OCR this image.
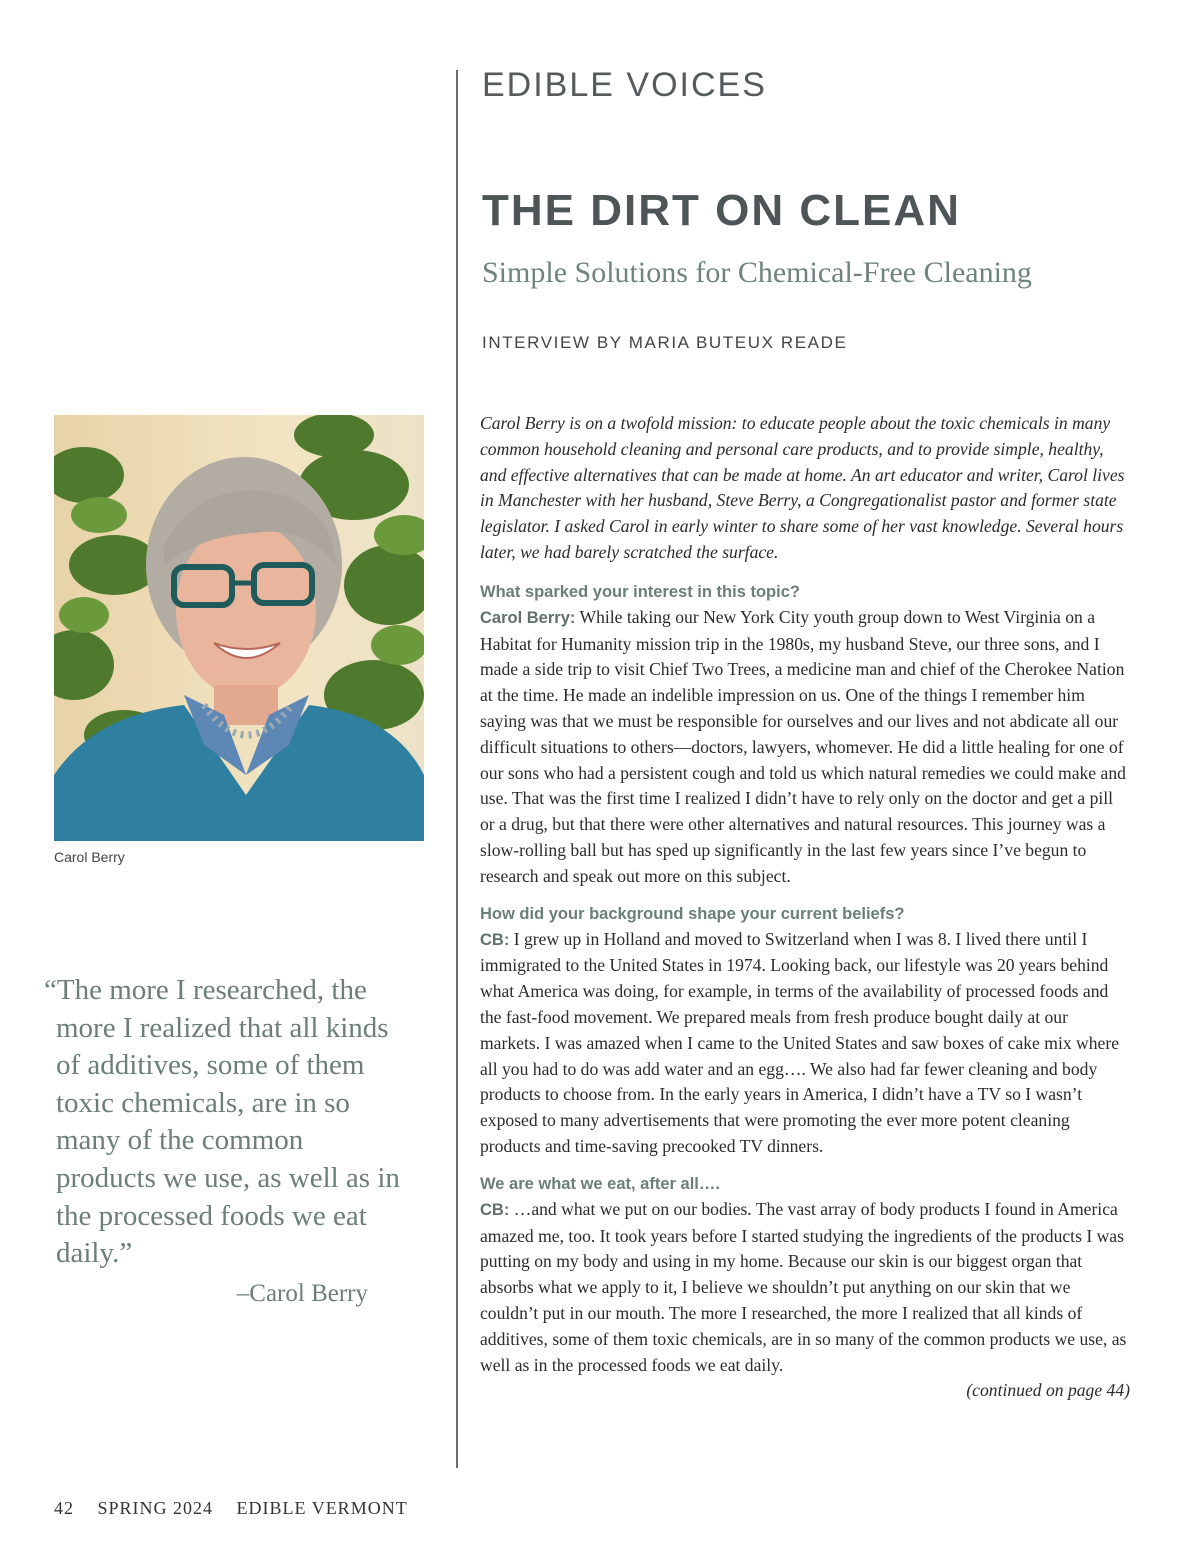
EDIBLE VOICES
THE DIRT ON CLEAN
Simple Solutions for Chemical-Free Cleaning
INTERVIEW BY MARIA BUTEUX READE
Carol Berry

“The more I researched, the more I realized that all kinds of additives, some of them toxic chemicals, are in so many of the common products we use, as well as in the processed foods we eat daily.”

–Carol Berry

Carol Berry is on a twofold mission: to educate people about the toxic chemicals in many common household cleaning and personal care products, and to provide simple, healthy, and effective alternatives that can be made at home. An art educator and writer, Carol lives in Manchester with her husband, Steve Berry, a Congregationalist pastor and former state legislator. I asked Carol in early winter to share some of her vast knowledge. Several hours later, we had barely scratched the surface.

What sparked your interest in this topic?

Carol Berry: While taking our New York City youth group down to West Virginia on a Habitat for Humanity mission trip in the 1980s, my husband Steve, our three sons, and I made a side trip to visit Chief Two Trees, a medicine man and chief of the Cherokee Nation at the time. He made an indelible impression on us. One of the things I remember him saying was that we must be responsible for ourselves and our lives and not abdicate all our difficult situations to others—doctors, lawyers, whomever. He did a little healing for one of our sons who had a persistent cough and told us which natural remedies we could make and use. That was the first time I realized I didn’t have to rely only on the doctor and get a pill or a drug, but that there were other alternatives and natural resources. This journey was a slow-rolling ball but has sped up significantly in the last few years since I’ve begun to research and speak out more on this subject.

How did your background shape your current beliefs?

CB: I grew up in Holland and moved to Switzerland when I was 8. I lived there until I immigrated to the United States in 1974. Looking back, our lifestyle was 20 years behind what America was doing, for example, in terms of the availability of processed foods and the fast-food movement. We prepared meals from fresh produce bought daily at our markets. I was amazed when I came to the United States and saw boxes of cake mix where all you had to do was add water and an egg…. We also had far fewer cleaning and body products to choose from. In the early years in America, I didn’t have a TV so I wasn’t exposed to many advertisements that were promoting the ever more potent cleaning products and time-saving precooked TV dinners.

We are what we eat, after all….

CB: …and what we put on our bodies. The vast array of body products I found in America amazed me, too. It took years before I started studying the ingredients of the products I was putting on my body and using in my home. Because our skin is our biggest organ that absorbs what we apply to it, I believe we shouldn’t put anything on our skin that we couldn’t put in our mouth. The more I researched, the more I realized that all kinds of additives, some of them toxic chemicals, are in so many of the common products we use, as well as in the processed foods we eat daily.

(continued on page 44)

42 SPRING 2024 EDIBLE VERMONT
